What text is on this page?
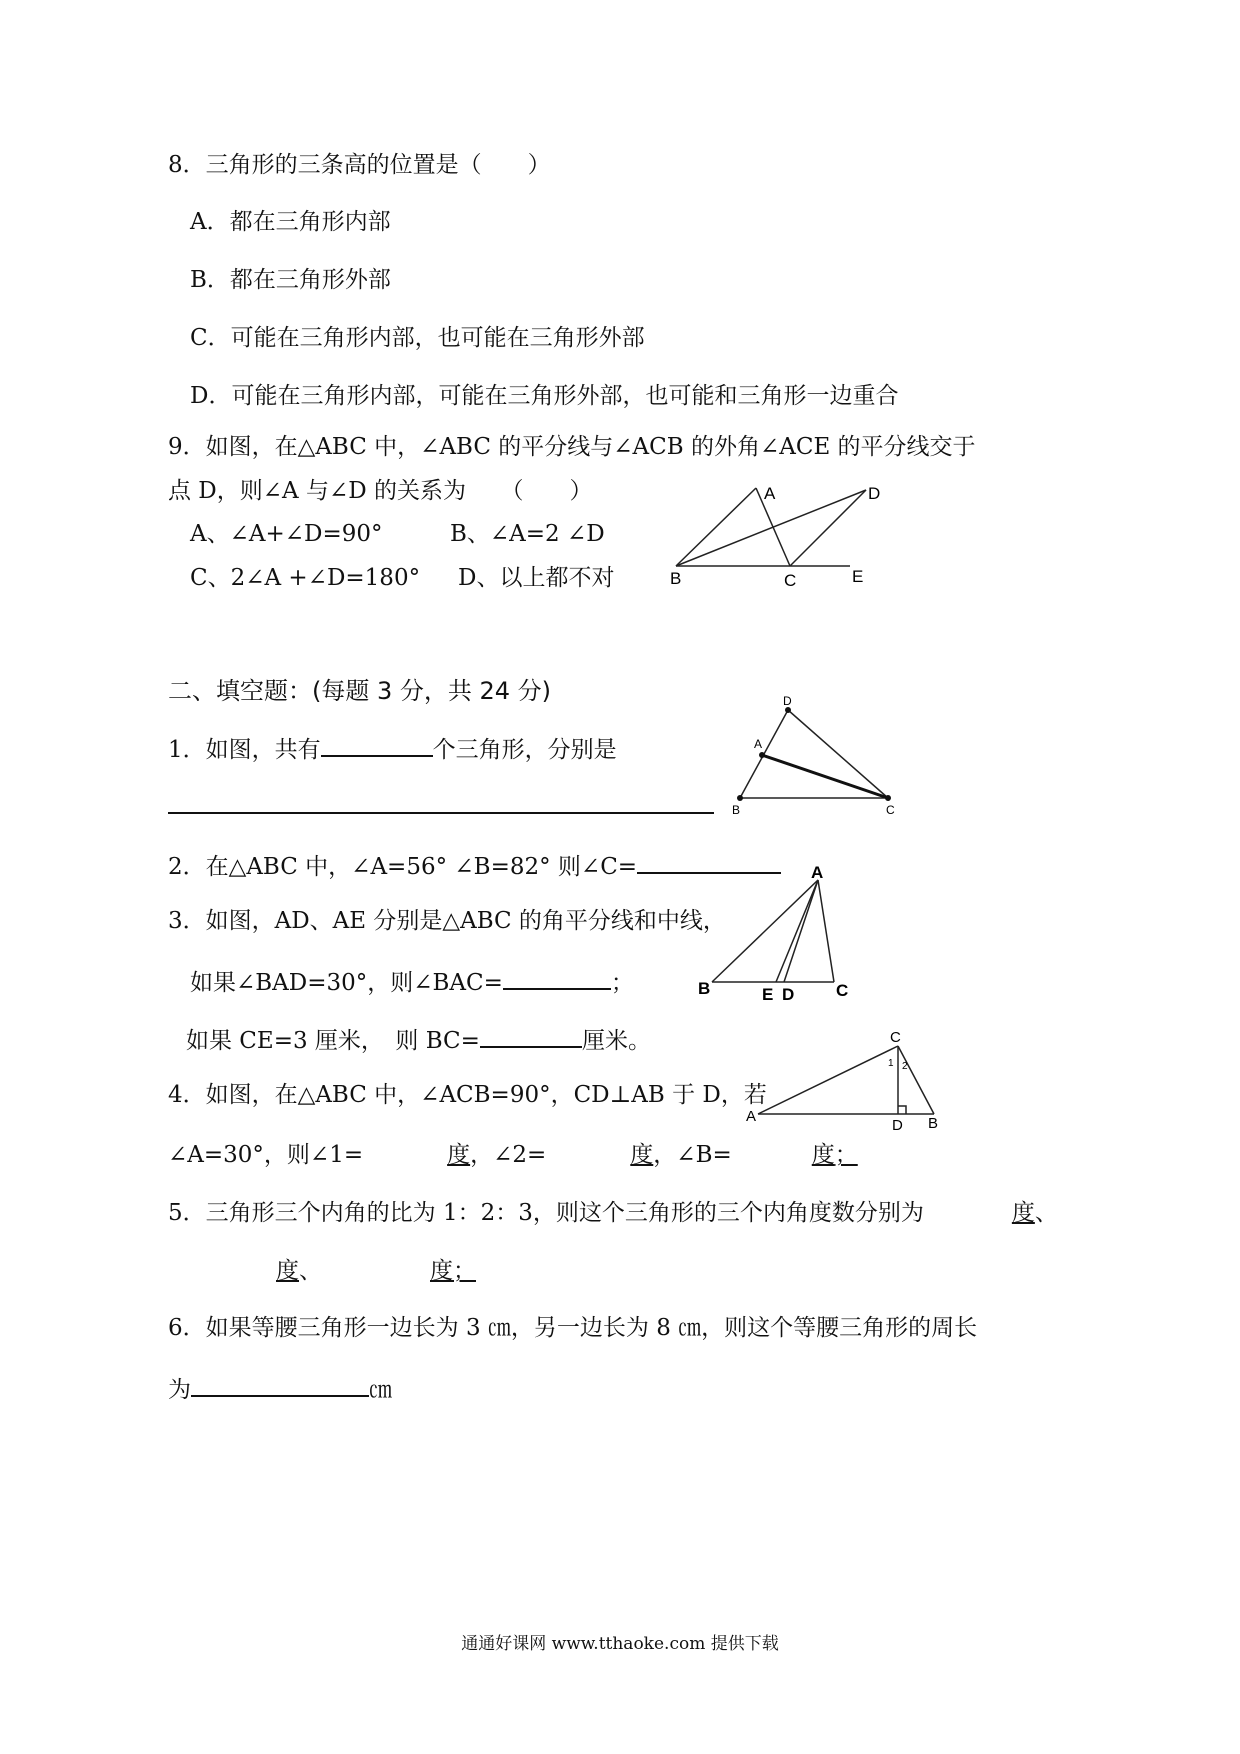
8．三角形的三条高的位置是（　　）
A．都在三角形内部
B．都在三角形外部
C．可能在三角形内部，也可能在三角形外部
D．可能在三角形内部，可能在三角形外部，也可能和三角形一边重合
9．如图，在△ABC 中，∠ABC 的平分线与∠ACB 的外角∠ACE 的平分线交于
点 D，则∠A 与∠D 的关系为　　（　　）
A、∠A+∠D=90°	B、∠A=2 ∠D
C、2∠A +∠D=180° D、以上都不对
A	D
B	C	E
二、填空题：(每题 3 分，共 24 分)
1．如图，共有	个三角形，分别是
D
A
B	C
2．在△ABC 中，∠A=56° ∠B=82° 则∠C=
3．如图，AD、AE 分别是△ABC 的角平分线和中线，
如果∠BAD=30°，则∠BAC=	；
如果 CE=3 厘米，　则 BC=	厘米。
A
B	E D C
4．如图，在△ABC 中，∠ACB=90°，CD⊥AB 于 D，若
∠A=30°，则∠1=	度，∠2=	度，∠B=	度；
C
1 2
A
D B
5．三角形三个内角的比为 1：2：3，则这个三角形的三个内角度数分别为	度、
度、	度；
6．如果等腰三角形一边长为 3 ㎝，另一边长为 8 ㎝，则这个等腰三角形的周长
为	㎝
通通好课网 www.tthaoke.com 提供下载
